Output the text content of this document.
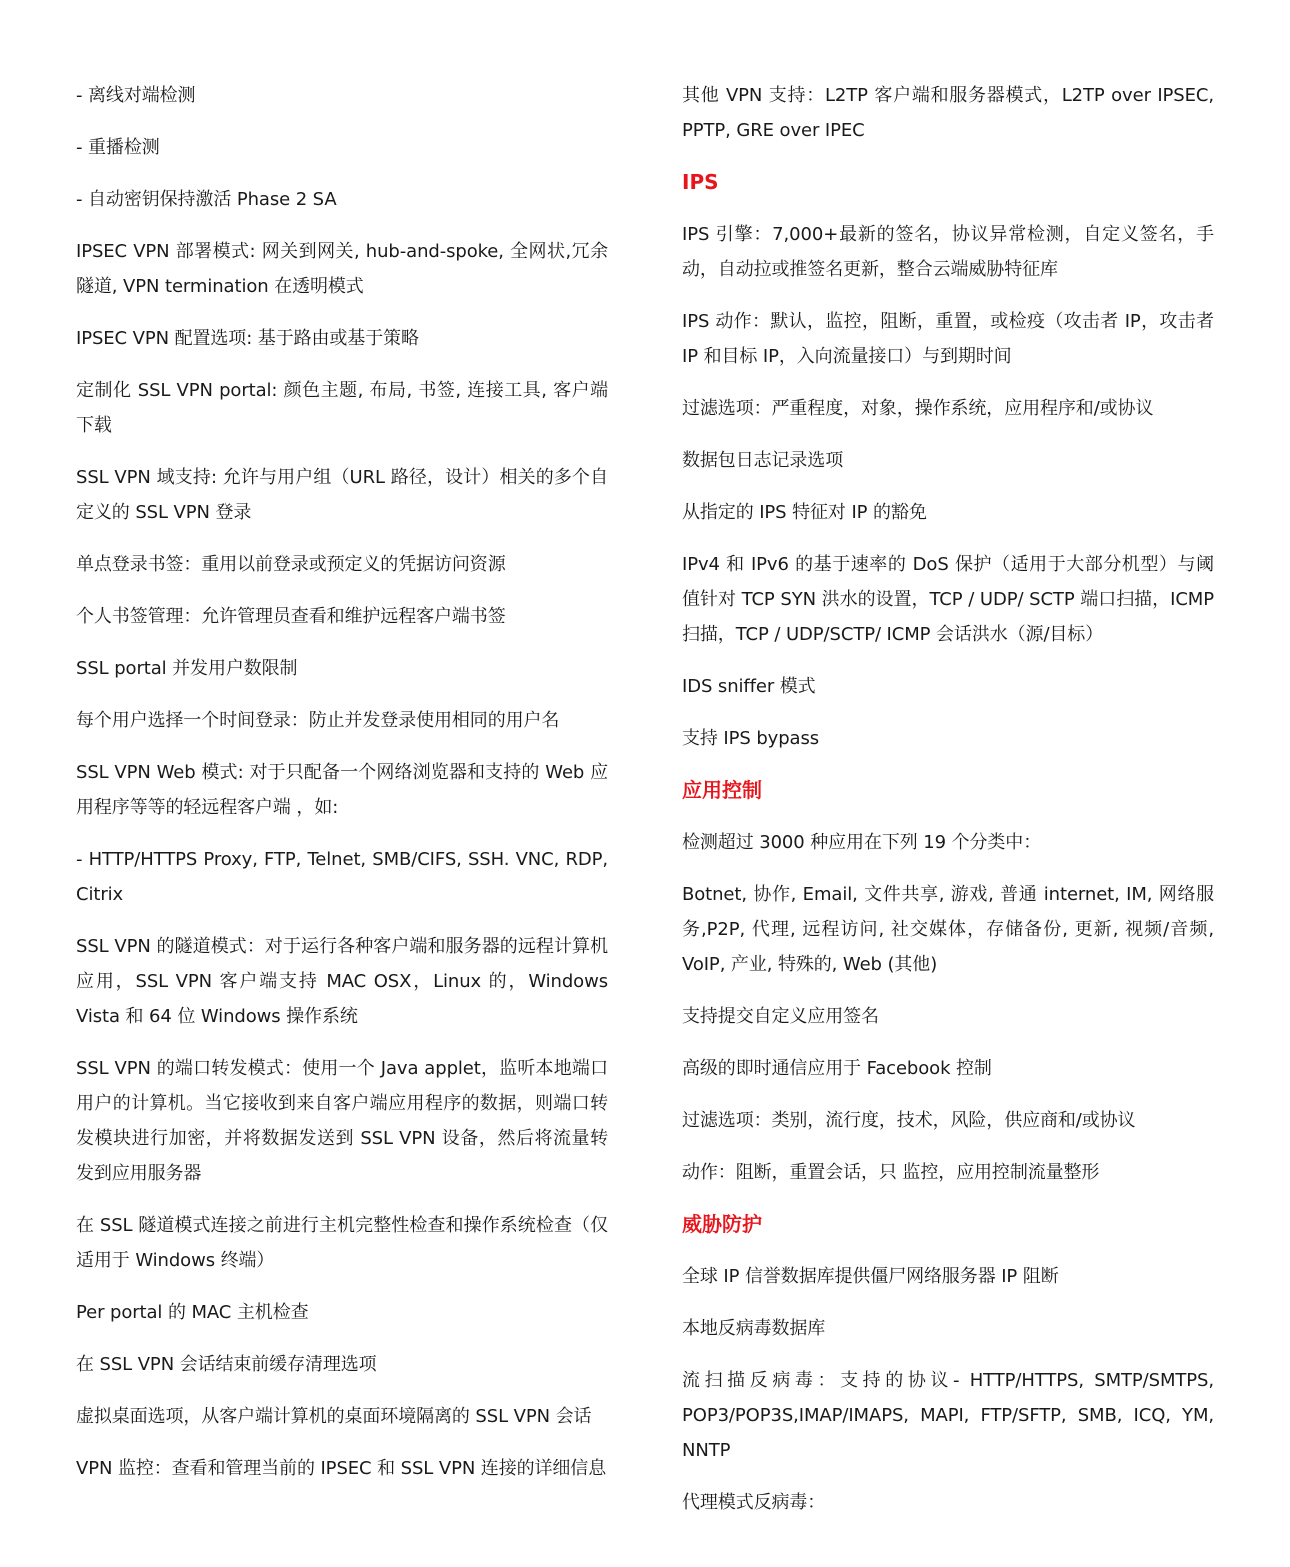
- 离线对端检测
- 重播检测
- 自动密钥保持激活 Phase 2 SA
IPSEC VPN 部署模式: 网关到网关, hub-and-spoke, 全网状,冗余隧道, VPN termination 在透明模式
IPSEC VPN 配置选项: 基于路由或基于策略
定制化 SSL VPN portal: 颜色主题, 布局, 书签, 连接工具, 客户端下载
SSL VPN 域支持: 允许与用户组（URL 路径，设计）相关的多个自定义的 SSL VPN 登录
单点登录书签：重用以前登录或预定义的凭据访问资源
个人书签管理：允许管理员查看和维护远程客户端书签
SSL portal 并发用户数限制
每个用户选择一个时间登录：防止并发登录使用相同的用户名
SSL VPN Web 模式: 对于只配备一个网络浏览器和支持的 Web 应用程序等等的轻远程客户端 ，如:
- HTTP/HTTPS Proxy, FTP, Telnet, SMB/CIFS, SSH. VNC, RDP, Citrix
SSL VPN 的隧道模式：对于运行各种客户端和服务器的远程计算机应用，SSL VPN 客户端支持 MAC OSX，Linux 的，Windows Vista 和 64 位 Windows 操作系统
SSL VPN 的端口转发模式：使用一个 Java applet，监听本地端口用户的计算机。当它接收到来自客户端应用程序的数据，则端口转发模块进行加密，并将数据发送到 SSL VPN 设备，然后将流量转发到应用服务器
在 SSL 隧道模式连接之前进行主机完整性检查和操作系统检查（仅适用于 Windows 终端）
Per portal 的 MAC 主机检查
在 SSL VPN 会话结束前缓存清理选项
虚拟桌面选项，从客户端计算机的桌面环境隔离的 SSL VPN 会话
VPN 监控：查看和管理当前的 IPSEC 和 SSL VPN 连接的详细信息
其他 VPN 支持：L2TP 客户端和服务器模式，L2TP over IPSEC, PPTP, GRE over IPEC
IPS
IPS 引擎：7,000+最新的签名，协议异常检测，自定义签名，手动，自动拉或推签名更新，整合云端威胁特征库
IPS 动作：默认，监控，阻断，重置，或检疫（攻击者 IP，攻击者 IP 和目标 IP，入向流量接口）与到期时间
过滤选项：严重程度，对象，操作系统，应用程序和/或协议
数据包日志记录选项
从指定的 IPS 特征对 IP 的豁免
IPv4 和 IPv6 的基于速率的 DoS 保护（适用于大部分机型）与阈值针对 TCP SYN 洪水的设置，TCP / UDP/ SCTP 端口扫描，ICMP 扫描，TCP / UDP/SCTP/ ICMP 会话洪水（源/目标）
IDS sniffer 模式
支持 IPS bypass
应用控制
检测超过 3000 种应用在下列 19 个分类中：
Botnet, 协作, Email, 文件共享, 游戏, 普通 internet, IM, 网络服务,P2P, 代理, 远程访问, 社交媒体，存储备份, 更新, 视频/音频, VoIP, 产业, 特殊的, Web (其他)
支持提交自定义应用签名
高级的即时通信应用于 Facebook 控制
过滤选项：类别，流行度，技术，风险，供应商和/或协议
动作：阻断，重置会话，只 监控，应用控制流量整形
威胁防护
全球 IP 信誉数据库提供僵尸网络服务器 IP 阻断
本地反病毒数据库
流扫描反病毒：支持的协议- HTTP/HTTPS, SMTP/SMTPS, POP3/POP3S,IMAP/IMAPS, MAPI, FTP/SFTP, SMB, ICQ, YM, NNTP
代理模式反病毒：
